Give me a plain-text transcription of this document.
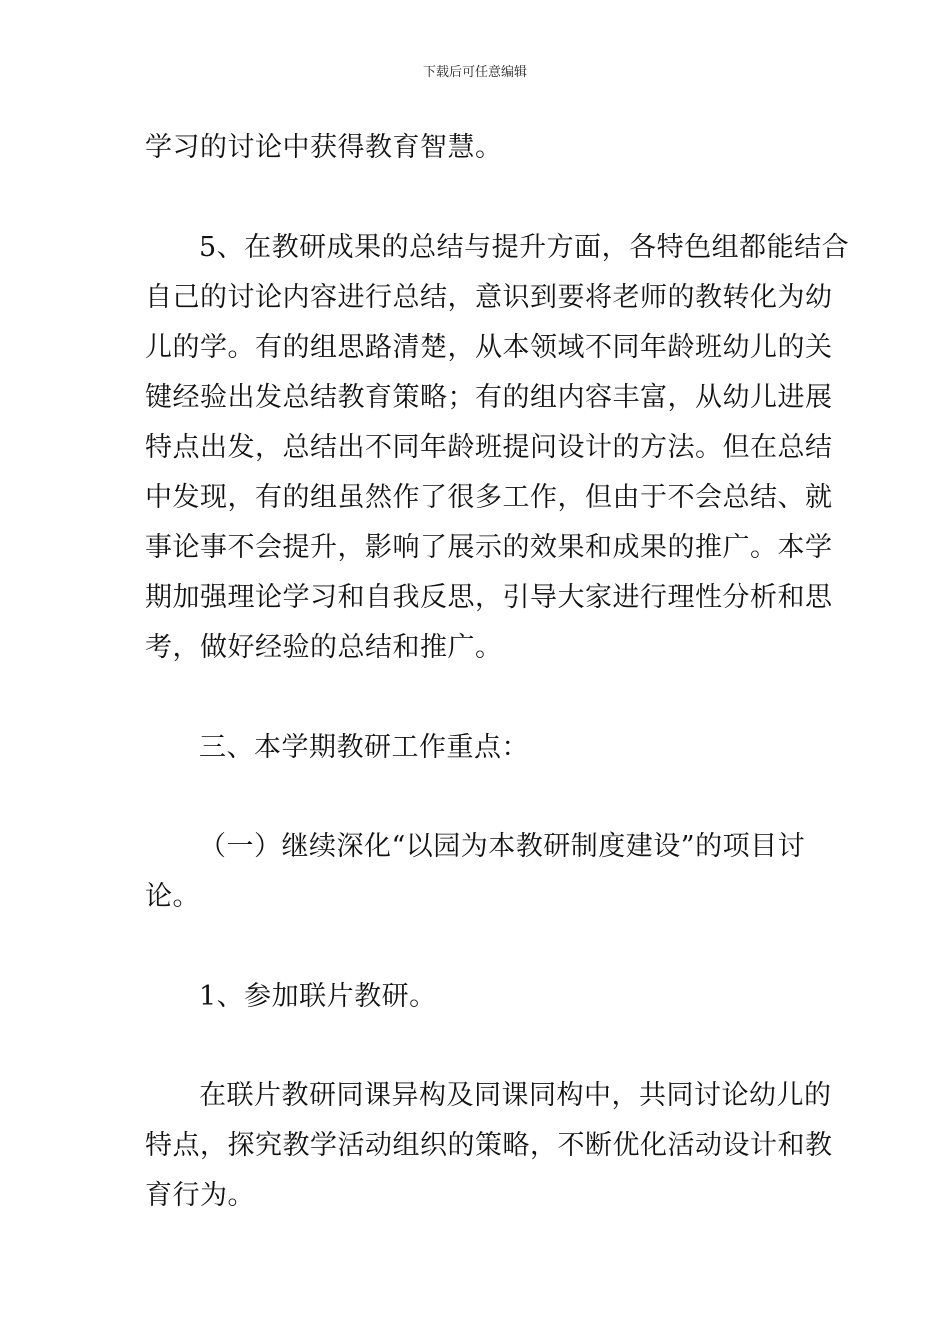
下载后可任意编辑
学习的讨论中获得教育智慧。
5、在教研成果的总结与提升方面，各特色组都能结合
自己的讨论内容进行总结，意识到要将老师的教转化为幼
儿的学。有的组思路清楚，从本领域不同年龄班幼儿的关
键经验出发总结教育策略；有的组内容丰富，从幼儿进展
特点出发，总结出不同年龄班提问设计的方法。但在总结
中发现，有的组虽然作了很多工作，但由于不会总结、就
事论事不会提升，影响了展示的效果和成果的推广。本学
期加强理论学习和自我反思，引导大家进行理性分析和思
考，做好经验的总结和推广。
三、本学期教研工作重点：
（一）继续深化“以园为本教研制度建设”的项目讨
论。
1、参加联片教研。
在联片教研同课异构及同课同构中，共同讨论幼儿的
特点，探究教学活动组织的策略，不断优化活动设计和教
育行为。
